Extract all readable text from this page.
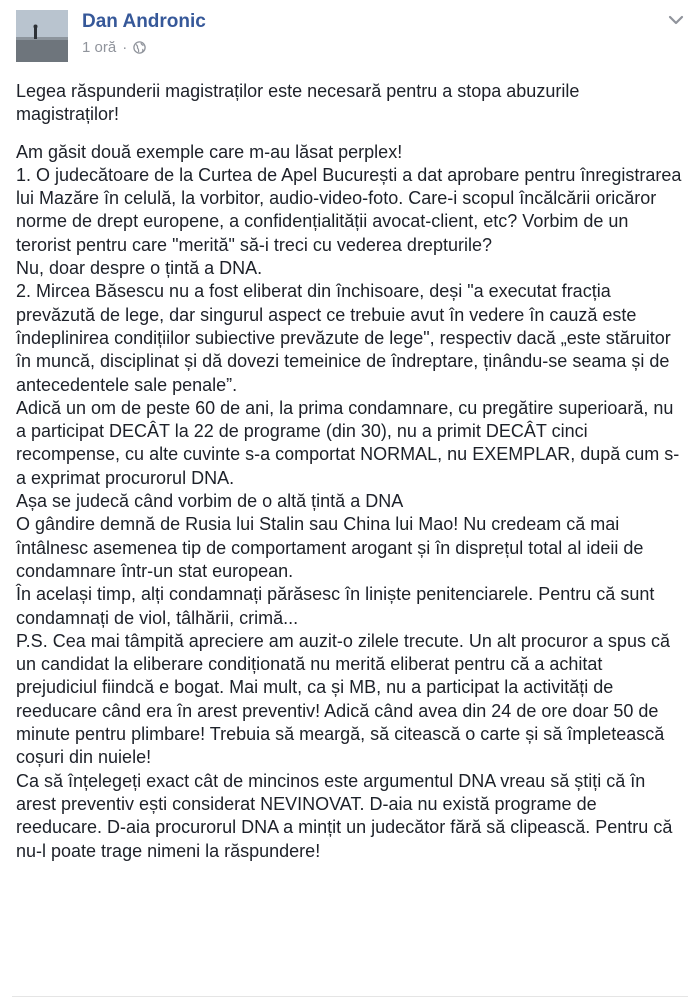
Dan Andronic
1 oră ·

Legea răspunderii magistraților este necesară pentru a stopa abuzurile magistraților!

Am găsit două exemple care m-au lăsat perplex!
1. O judecătoare de la Curtea de Apel București a dat aprobare pentru înregistrarea lui Mazăre în celulă, la vorbitor, audio-video-foto. Care-i scopul încălcării oricăror norme de drept europene, a confidențialității avocat-client, etc? Vorbim de un terorist pentru care "merită" să-i treci cu vederea drepturile?
Nu, doar despre o țintă a DNA.
2. Mircea Băsescu nu a fost eliberat din închisoare, deși "a executat fracția prevăzută de lege, dar singurul aspect ce trebuie avut în vedere în cauză este îndeplinirea condițiilor subiective prevăzute de lege", respectiv dacă „este stăruitor în muncă, disciplinat și dă dovezi temeinice de îndreptare, ținându-se seama și de antecedentele sale penale”.
Adică un om de peste 60 de ani, la prima condamnare, cu pregătire superioară, nu a participat DECÂT la 22 de programe (din 30), nu a primit DECÂT cinci recompense, cu alte cuvinte s-a comportat NORMAL, nu EXEMPLAR, după cum s-a exprimat procurorul DNA.
Așa se judecă când vorbim de o altă țintă a DNA
O gândire demnă de Rusia lui Stalin sau China lui Mao! Nu credeam că mai întâlnesc asemenea tip de comportament arogant și în disprețul total al ideii de condamnare într-un stat european.
În același timp, alți condamnați părăsesc în liniște penitenciarele. Pentru că sunt condamnați de viol, tâlhării, crimă...
P.S. Cea mai tâmpită apreciere am auzit-o zilele trecute. Un alt procuror a spus că un candidat la eliberare condiționată nu merită eliberat pentru că a achitat prejudiciul fiindcă e bogat. Mai mult, ca și MB, nu a participat la activități de reeducare când era în arest preventiv! Adică când avea din 24 de ore doar 50 de minute pentru plimbare! Trebuia să meargă, să citească o carte și să împletească coșuri din nuiele!
Ca să înțelegeți exact cât de mincinos este argumentul DNA vreau să știți că în arest preventiv ești considerat NEVINOVAT. D-aia nu există programe de reeducare. D-aia procurorul DNA a mințit un judecător fără să clipească. Pentru că nu-l poate trage nimeni la răspundere!
